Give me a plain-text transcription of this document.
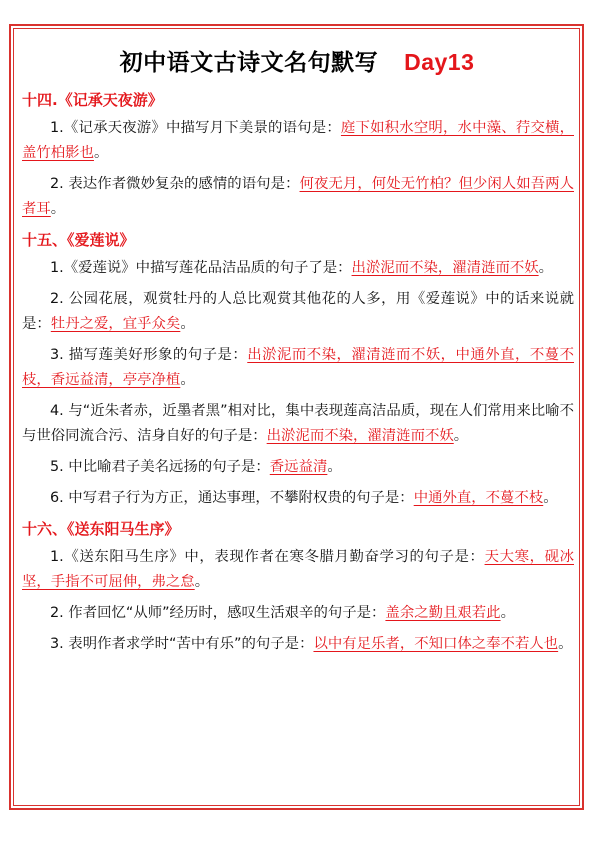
初中语文古诗文名句默写 Day13
十四.《记承天夜游》
1.《记承天夜游》中描写月下美景的语句是：庭下如积水空明，水中藻、荇交横，盖竹柏影也。
2. 表达作者微妙复杂的感情的语句是：何夜无月，何处无竹柏？但少闲人如吾两人者耳。
十五、《爱莲说》
1.《爱莲说》中描写莲花品洁品质的句子了是：出淤泥而不染，濯清涟而不妖。
2. 公园花展，观赏牡丹的人总比观赏其他花的人多，用《爱莲说》中的话来说就是：牡丹之爱，宜乎众矣。
3. 描写莲美好形象的句子是：出淤泥而不染，濯清涟而不妖，中通外直，不蔓不枝，香远益清，亭亭净植。
4. 与“近朱者赤，近墨者黑”相对比，集中表现莲高洁品质，现在人们常用来比喻不与世俗同流合污、洁身自好的句子是：出淤泥而不染，濯清涟而不妖。
5. 中比喻君子美名远扬的句子是：香远益清。
6. 中写君子行为方正，通达事理，不攀附权贵的句子是：中通外直，不蔓不枝。
十六、《送东阳马生序》
1.《送东阳马生序》中，表现作者在寒冬腊月勤奋学习的句子是：天大寒，砚冰坚，手指不可屈伸，弗之怠。
2. 作者回忆“从师”经历时，感叹生活艰辛的句子是：盖余之勤且艰若此。
3. 表明作者求学时“苦中有乐”的句子是：以中有足乐者，不知口体之奉不若人也。
